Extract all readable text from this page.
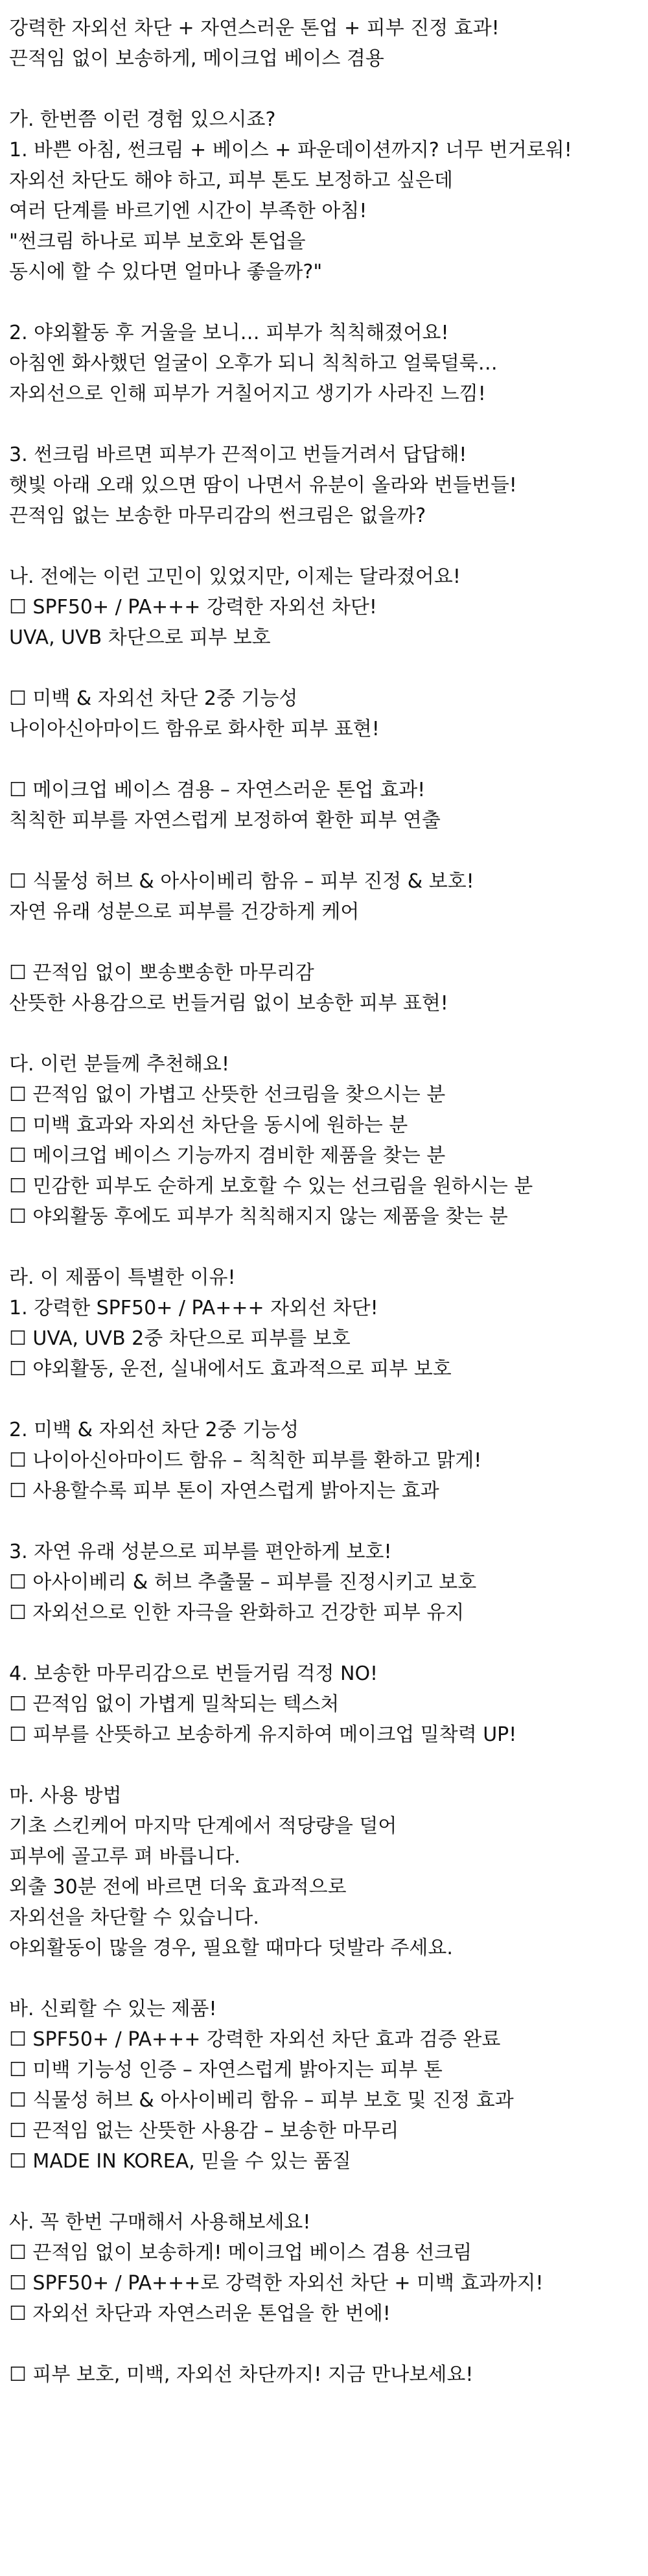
강력한 자외선 차단 + 자연스러운 톤업 + 피부 진정 효과!
끈적임 없이 보송하게, 메이크업 베이스 겸용
가. 한번쯤 이런 경험 있으시죠?
1. 바쁜 아침, 썬크림 + 베이스 + 파운데이션까지? 너무 번거로워!
자외선 차단도 해야 하고, 피부 톤도 보정하고 싶은데
여러 단계를 바르기엔 시간이 부족한 아침!
"썬크림 하나로 피부 보호와 톤업을
동시에 할 수 있다면 얼마나 좋을까?"
2. 야외활동 후 거울을 보니… 피부가 칙칙해졌어요!
아침엔 화사했던 얼굴이 오후가 되니 칙칙하고 얼룩덜룩…
자외선으로 인해 피부가 거칠어지고 생기가 사라진 느낌!
3. 썬크림 바르면 피부가 끈적이고 번들거려서 답답해!
햇빛 아래 오래 있으면 땀이 나면서 유분이 올라와 번들번들!
끈적임 없는 보송한 마무리감의 썬크림은 없을까?
나. 전에는 이런 고민이 있었지만, 이제는 달라졌어요!
☐ SPF50+ / PA+++ 강력한 자외선 차단!
UVA, UVB 차단으로 피부 보호
☐ 미백 & 자외선 차단 2중 기능성
나이아신아마이드 함유로 화사한 피부 표현!
☐ 메이크업 베이스 겸용 – 자연스러운 톤업 효과!
칙칙한 피부를 자연스럽게 보정하여 환한 피부 연출
☐ 식물성 허브 & 아사이베리 함유 – 피부 진정 & 보호!
자연 유래 성분으로 피부를 건강하게 케어
☐ 끈적임 없이 뽀송뽀송한 마무리감
산뜻한 사용감으로 번들거림 없이 보송한 피부 표현!
다. 이런 분들께 추천해요!
☐ 끈적임 없이 가볍고 산뜻한 선크림을 찾으시는 분
☐ 미백 효과와 자외선 차단을 동시에 원하는 분
☐ 메이크업 베이스 기능까지 겸비한 제품을 찾는 분
☐ 민감한 피부도 순하게 보호할 수 있는 선크림을 원하시는 분
☐ 야외활동 후에도 피부가 칙칙해지지 않는 제품을 찾는 분
라. 이 제품이 특별한 이유!
1. 강력한 SPF50+ / PA+++ 자외선 차단!
☐ UVA, UVB 2중 차단으로 피부를 보호
☐ 야외활동, 운전, 실내에서도 효과적으로 피부 보호
2. 미백 & 자외선 차단 2중 기능성
☐ 나이아신아마이드 함유 – 칙칙한 피부를 환하고 맑게!
☐ 사용할수록 피부 톤이 자연스럽게 밝아지는 효과
3. 자연 유래 성분으로 피부를 편안하게 보호!
☐ 아사이베리 & 허브 추출물 – 피부를 진정시키고 보호
☐ 자외선으로 인한 자극을 완화하고 건강한 피부 유지
4. 보송한 마무리감으로 번들거림 걱정 NO!
☐ 끈적임 없이 가볍게 밀착되는 텍스처
☐ 피부를 산뜻하고 보송하게 유지하여 메이크업 밀착력 UP!
마. 사용 방법
기초 스킨케어 마지막 단계에서 적당량을 덜어
피부에 골고루 펴 바릅니다.
외출 30분 전에 바르면 더욱 효과적으로
자외선을 차단할 수 있습니다.
야외활동이 많을 경우, 필요할 때마다 덧발라 주세요.
바. 신뢰할 수 있는 제품!
☐ SPF50+ / PA+++ 강력한 자외선 차단 효과 검증 완료
☐ 미백 기능성 인증 – 자연스럽게 밝아지는 피부 톤
☐ 식물성 허브 & 아사이베리 함유 – 피부 보호 및 진정 효과
☐ 끈적임 없는 산뜻한 사용감 – 보송한 마무리
☐ MADE IN KOREA, 믿을 수 있는 품질
사. 꼭 한번 구매해서 사용해보세요!
☐ 끈적임 없이 보송하게! 메이크업 베이스 겸용 선크림
☐ SPF50+ / PA+++로 강력한 자외선 차단 + 미백 효과까지!
☐ 자외선 차단과 자연스러운 톤업을 한 번에!
☐ 피부 보호, 미백, 자외선 차단까지! 지금 만나보세요!
